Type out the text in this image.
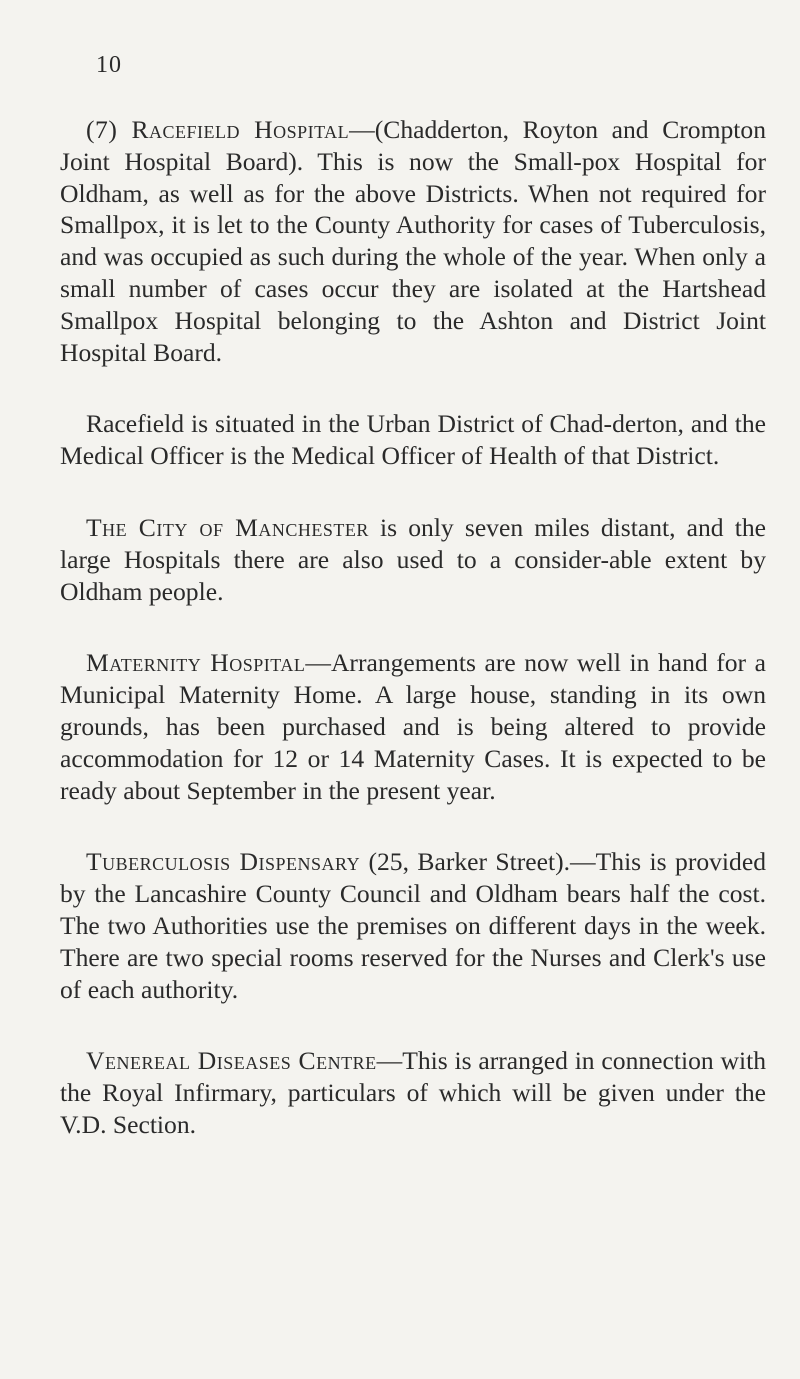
10

(7) Racefield Hospital—(Chadderton, Royton and Crompton Joint Hospital Board). This is now the Small-pox Hospital for Oldham, as well as for the above Districts. When not required for Smallpox, it is let to the County Authority for cases of Tuberculosis, and was occupied as such during the whole of the year. When only a small number of cases occur they are isolated at the Hartshead Smallpox Hospital belonging to the Ashton and District Joint Hospital Board.

Racefield is situated in the Urban District of Chad-derton, and the Medical Officer is the Medical Officer of Health of that District.

The City of Manchester is only seven miles distant, and the large Hospitals there are also used to a consider-able extent by Oldham people.

Maternity Hospital—Arrangements are now well in hand for a Municipal Maternity Home. A large house, standing in its own grounds, has been purchased and is being altered to provide accommodation for 12 or 14 Maternity Cases. It is expected to be ready about September in the present year.

Tuberculosis Dispensary (25, Barker Street).—This is provided by the Lancashire County Council and Oldham bears half the cost. The two Authorities use the premises on different days in the week. There are two special rooms reserved for the Nurses and Clerk's use of each authority.

Venereal Diseases Centre—This is arranged in connection with the Royal Infirmary, particulars of which will be given under the V.D. Section.
